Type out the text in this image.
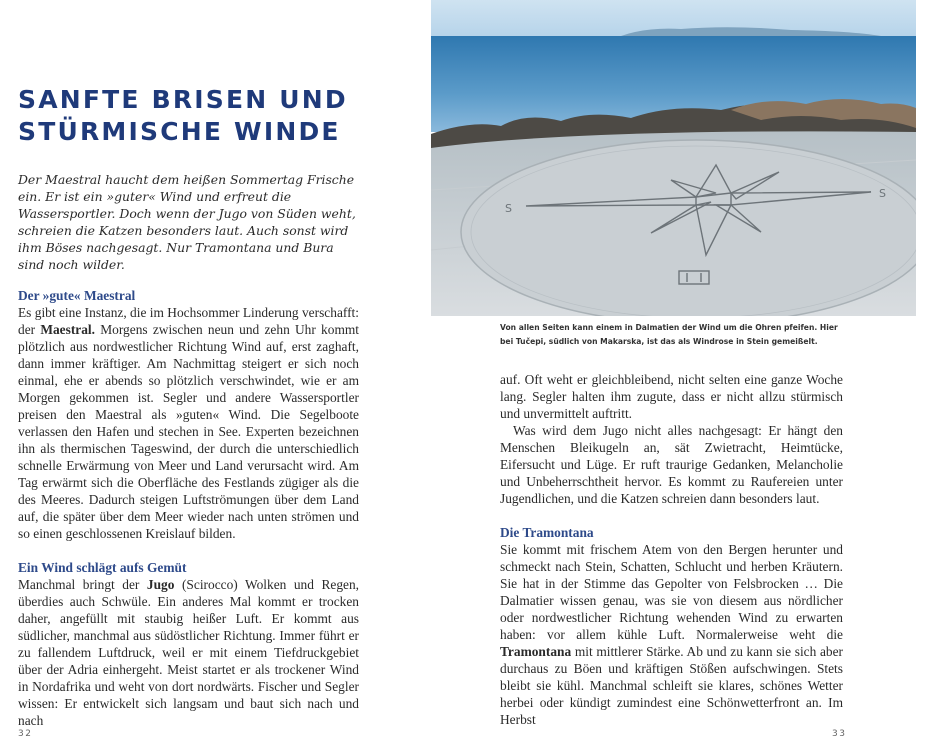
SANFTE BRISEN UND
STÜRMISCHE WINDE

Der Maestral haucht dem heißen Sommertag Frische ein. Er ist ein »guter« Wind und erfreut die Wassersportler. Doch wenn der Jugo von Süden weht, schreien die Katzen besonders laut. Auch sonst wird ihm Böses nachgesagt. Nur Tramontana und Bura sind noch wilder.

Der »gute« Maestral

Es gibt eine Instanz, die im Hochsommer Linderung verschafft: der Maestral. Morgens zwischen neun und zehn Uhr kommt plötzlich aus nordwestlicher Richtung Wind auf, erst zaghaft, dann immer kräftiger. Am Nachmittag steigert er sich noch einmal, ehe er abends so plötzlich verschwindet, wie er am Morgen gekommen ist. Segler und andere Wassersportler preisen den Maestral als »guten« Wind. Die Segelboote verlassen den Hafen und stechen in See. Experten bezeichnen ihn als thermischen Tageswind, der durch die unterschiedlich schnelle Erwärmung von Meer und Land verursacht wird. Am Tag erwärmt sich die Oberfläche des Festlands zügiger als die des Meeres. Dadurch steigen Luftströmungen über dem Land auf, die später über dem Meer wieder nach unten strömen und so einen geschlossenen Kreislauf bilden.

Ein Wind schlägt aufs Gemüt

Manchmal bringt der Jugo (Scirocco) Wolken und Regen, überdies auch Schwüle. Ein anderes Mal kommt er trocken daher, angefüllt mit staubig heißer Luft. Er kommt aus südlicher, manchmal aus südöstlicher Richtung. Immer führt er zu fallendem Luftdruck, weil er mit einem Tiefdruckgebiet über der Adria einhergeht. Meist startet er als trockener Wind in Nordafrika und weht von dort nordwärts. Fischer und Segler wissen: Er entwickelt sich langsam und baut sich nach und nach

32
S
S

Von allen Seiten kann einem in Dalmatien der Wind um die Ohren pfeifen. Hier bei Tučepi, südlich von Makarska, ist das als Windrose in Stein gemeißelt.

auf. Oft weht er gleichbleibend, nicht selten eine ganze Woche lang. Segler halten ihm zugute, dass er nicht allzu stürmisch und unvermittelt auftritt.

Was wird dem Jugo nicht alles nachgesagt: Er hängt den Menschen Bleikugeln an, sät Zwietracht, Heimtücke, Eifersucht und Lüge. Er ruft traurige Gedanken, Melancholie und Unbeherrschtheit hervor. Es kommt zu Raufereien unter Jugendlichen, und die Katzen schreien dann besonders laut.

Die Tramontana

Sie kommt mit frischem Atem von den Bergen herunter und schmeckt nach Stein, Schatten, Schlucht und herben Kräutern. Sie hat in der Stimme das Gepolter von Felsbrocken … Die Dalmatier wissen genau, was sie von diesem aus nördlicher oder nordwestlicher Richtung wehenden Wind zu erwarten haben: vor allem kühle Luft. Normalerweise weht die Tramontana mit mittlerer Stärke. Ab und zu kann sie sich aber durchaus zu Böen und kräftigen Stößen aufschwingen. Stets bleibt sie kühl. Manchmal schleift sie klares, schönes Wetter herbei oder kündigt zumindest eine Schönwetterfront an. Im Herbst

33
